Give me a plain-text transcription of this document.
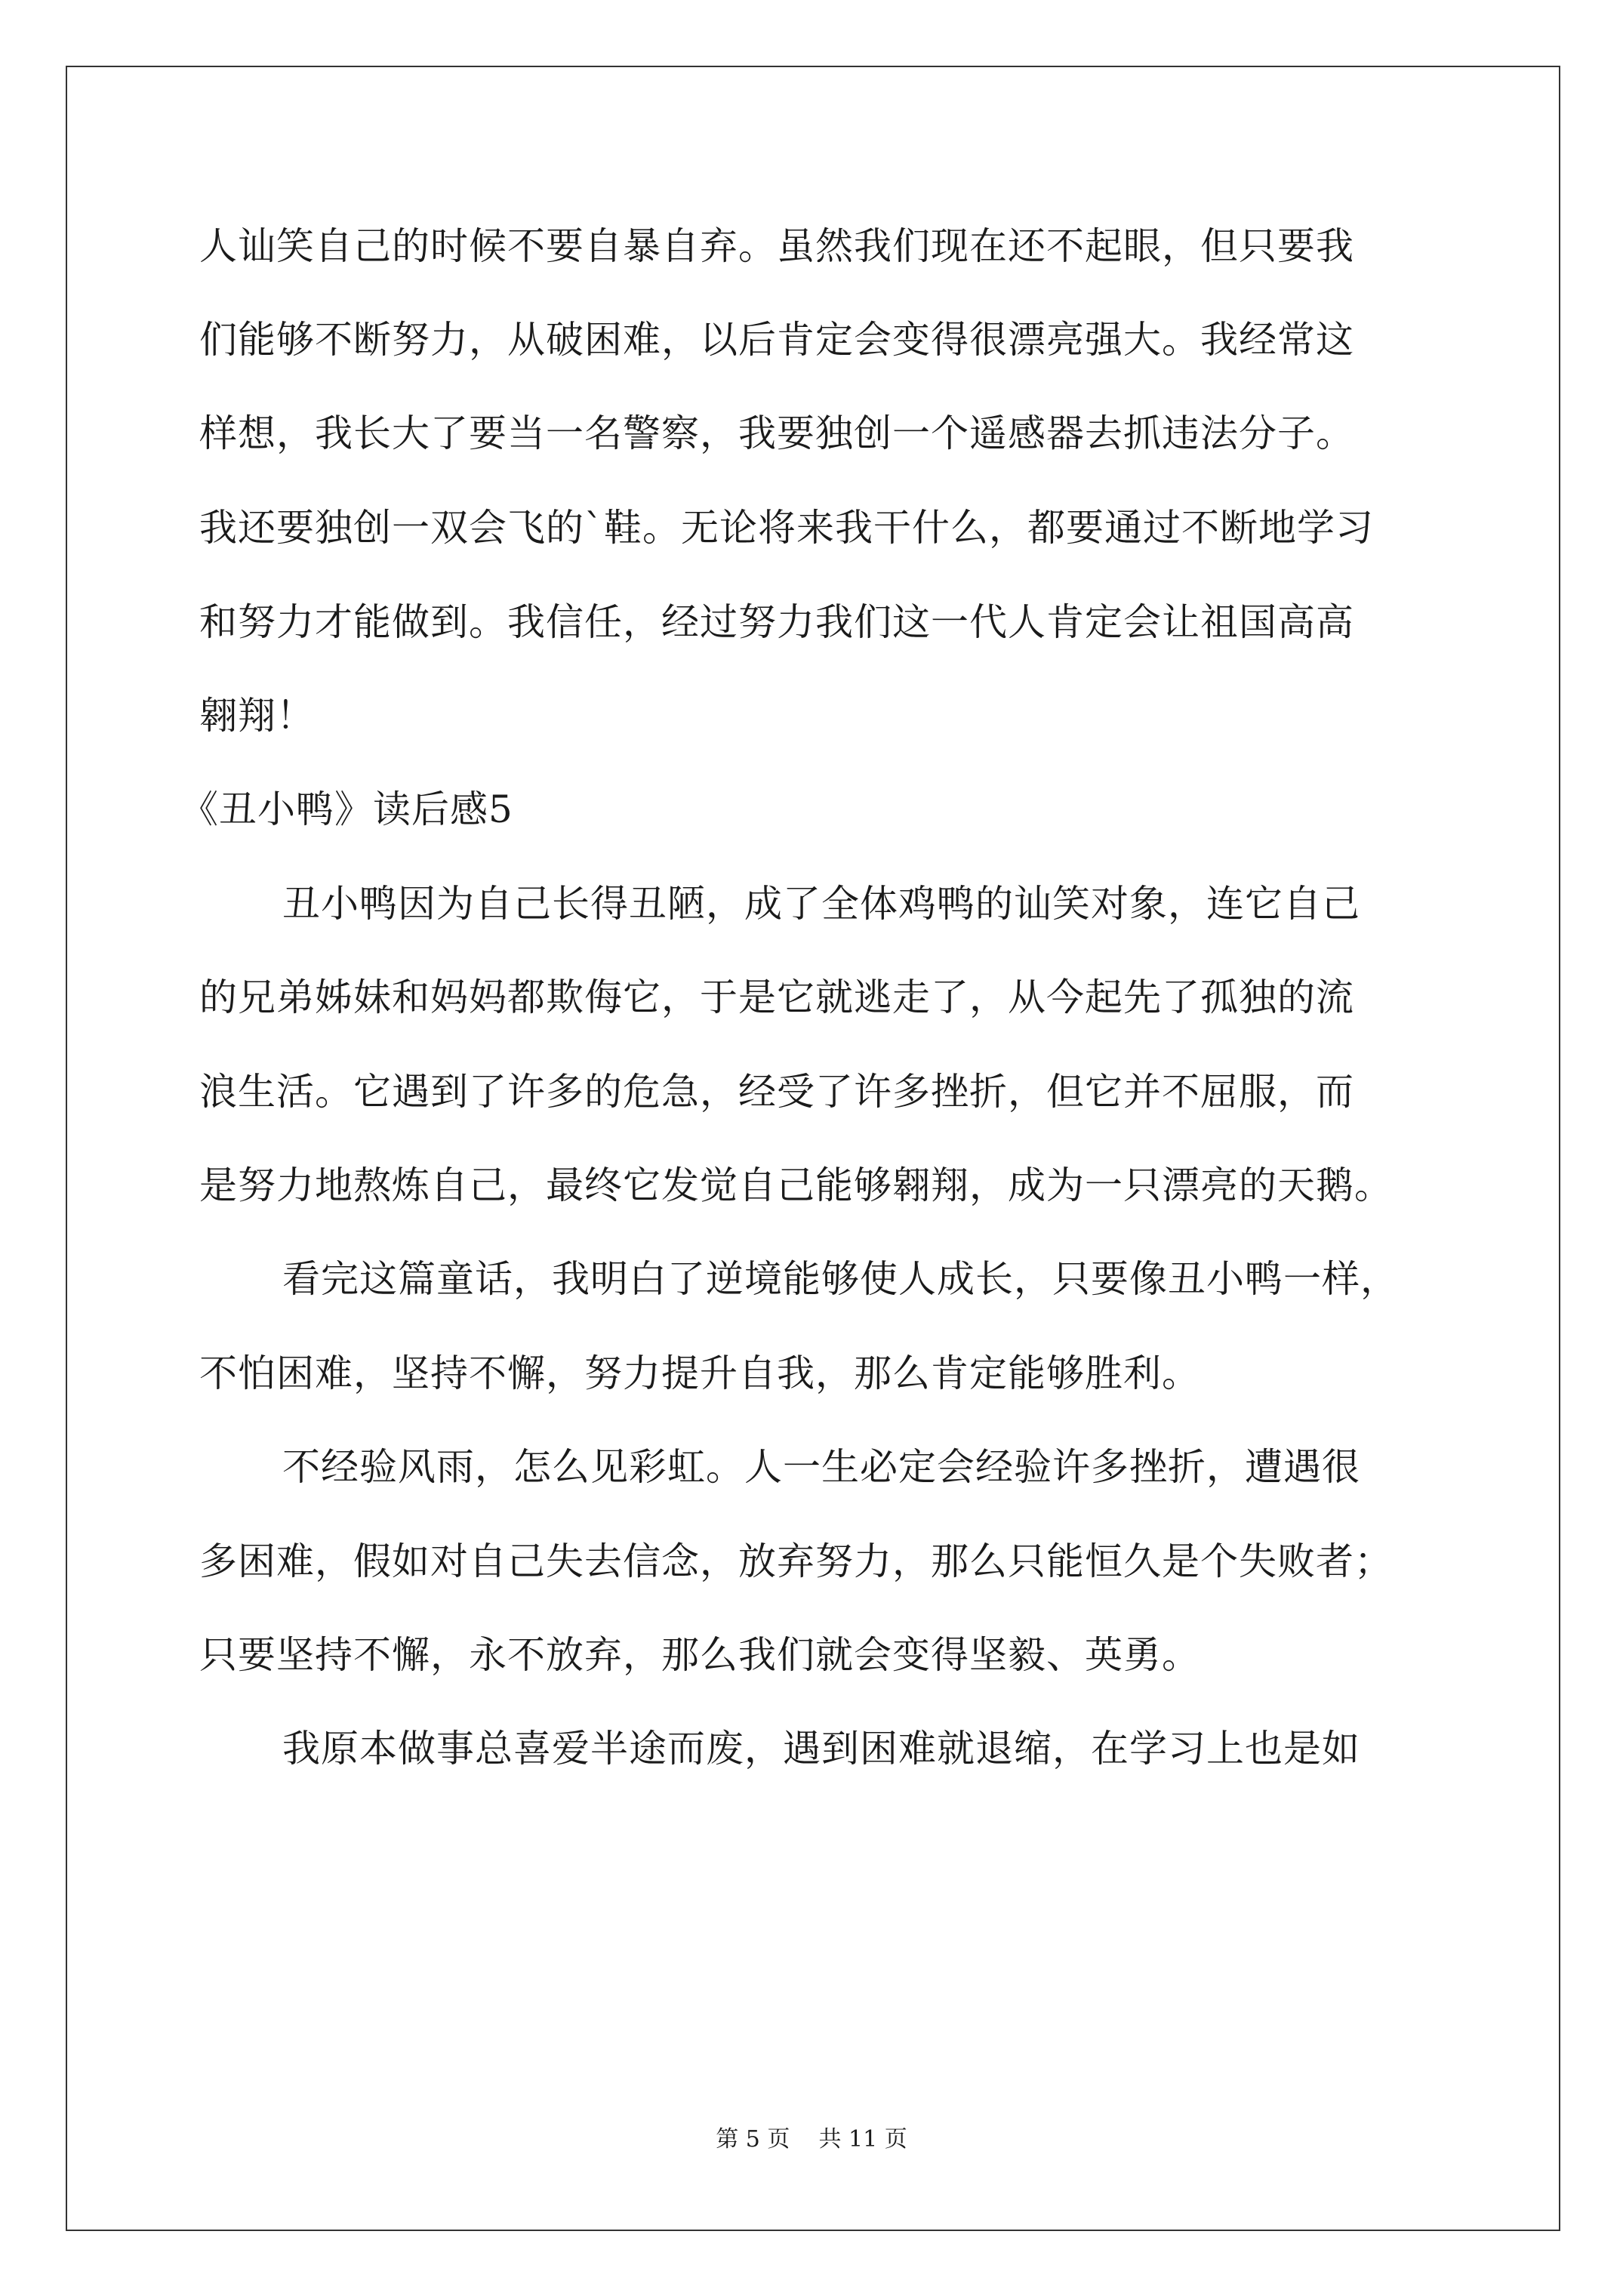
人讪笑自己的时候不要自暴自弃。虽然我们现在还不起眼，但只要我
们能够不断努力，从破困难，以后肯定会变得很漂亮强大。我经常这
样想，我长大了要当一名警察，我要独创一个遥感器去抓违法分子。
我还要独创一双会飞的`鞋。无论将来我干什么，都要通过不断地学习
和努力才能做到。我信任，经过努力我们这一代人肯定会让祖国高高
翱翔！
《丑小鸭》读后感5
丑小鸭因为自己长得丑陋，成了全体鸡鸭的讪笑对象，连它自己
的兄弟姊妹和妈妈都欺侮它，于是它就逃走了，从今起先了孤独的流
浪生活。它遇到了许多的危急，经受了许多挫折，但它并不屈服，而
是努力地熬炼自己，最终它发觉自己能够翱翔，成为一只漂亮的天鹅。
看完这篇童话，我明白了逆境能够使人成长，只要像丑小鸭一样，
不怕困难，坚持不懈，努力提升自我，那么肯定能够胜利。
不经验风雨，怎么见彩虹。人一生必定会经验许多挫折，遭遇很
多困难，假如对自己失去信念，放弃努力，那么只能恒久是个失败者；
只要坚持不懈，永不放弃，那么我们就会变得坚毅、英勇。
我原本做事总喜爱半途而废，遇到困难就退缩，在学习上也是如
第 5 页    共 11 页
